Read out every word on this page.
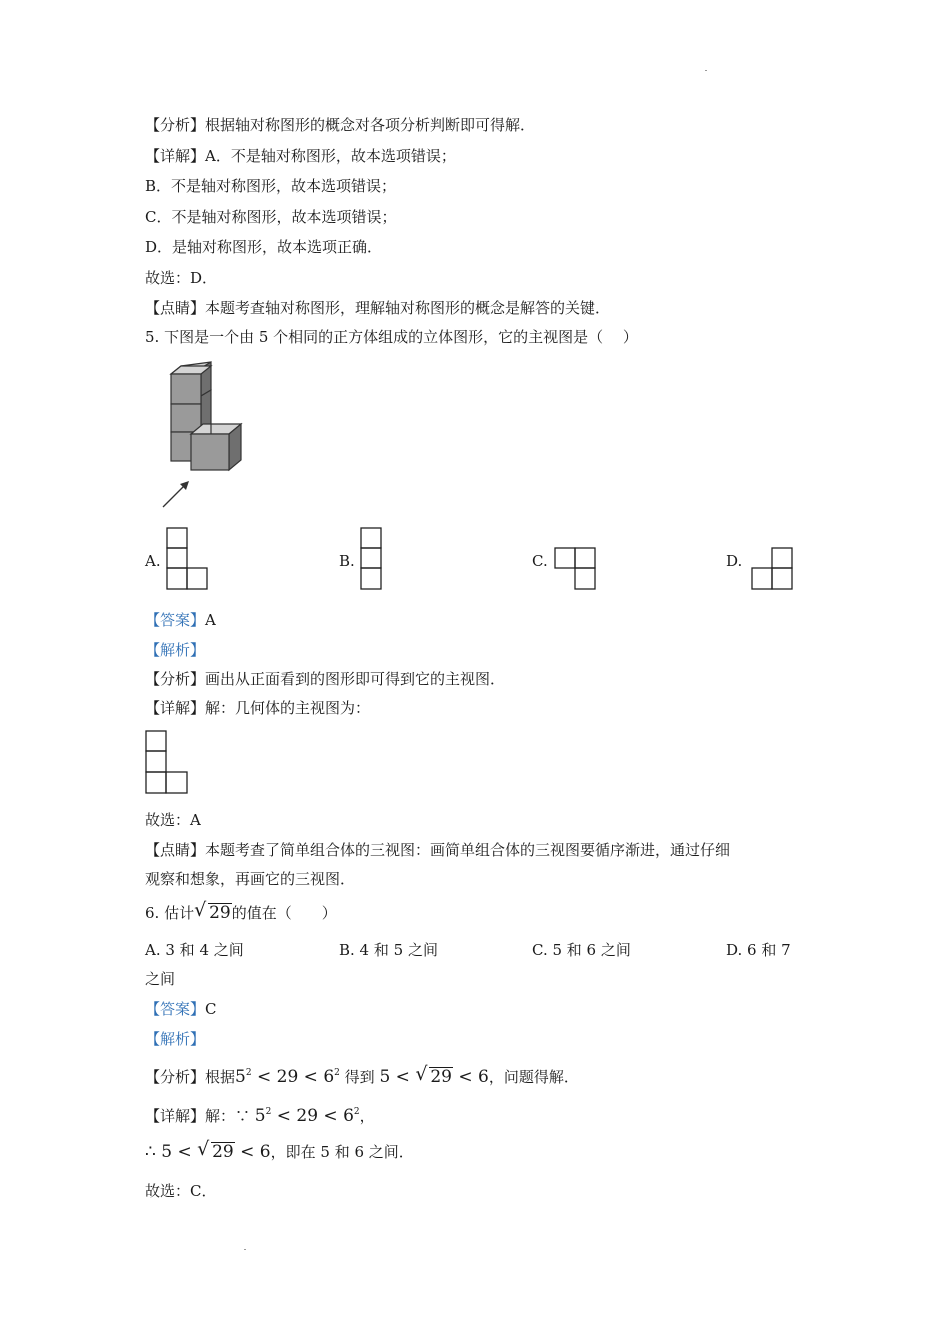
【分析】根据轴对称图形的概念对各项分析判断即可得解．
【详解】A．不是轴对称图形，故本选项错误；
B．不是轴对称图形，故本选项错误；
C．不是轴对称图形，故本选项错误；
D．是轴对称图形，故本选项正确．
故选：D．
【点睛】本题考查轴对称图形，理解轴对称图形的概念是解答的关键．
5. 下图是一个由 5 个相同的正方体组成的立体图形，它的主视图是（　 ）
A.	B.	C.	D.
【答案】A
【解析】
【分析】画出从正面看到的图形即可得到它的主视图．
【详解】解：几何体的主视图为：
故选：A
【点睛】本题考查了简单组合体的三视图：画简单组合体的三视图要循序渐进，通过仔细
观察和想象，再画它的三视图．
6. 估计 √ 29的值在（　　）
A. 3 和 4 之间	B. 4 和 5 之间	C. 5 和 6 之间	D. 6 和 7
之间
【答案】C
【解析】
【分析】根据$5^2 < 29 < 6^2$ 得到 5 < √ 29 < 6，问题得解．
【详解】解：∵ $5^2 < 29 < 6^2$，
∴ 5 < √ 29 < 6，即在 5 和 6 之间．
故选：C．
